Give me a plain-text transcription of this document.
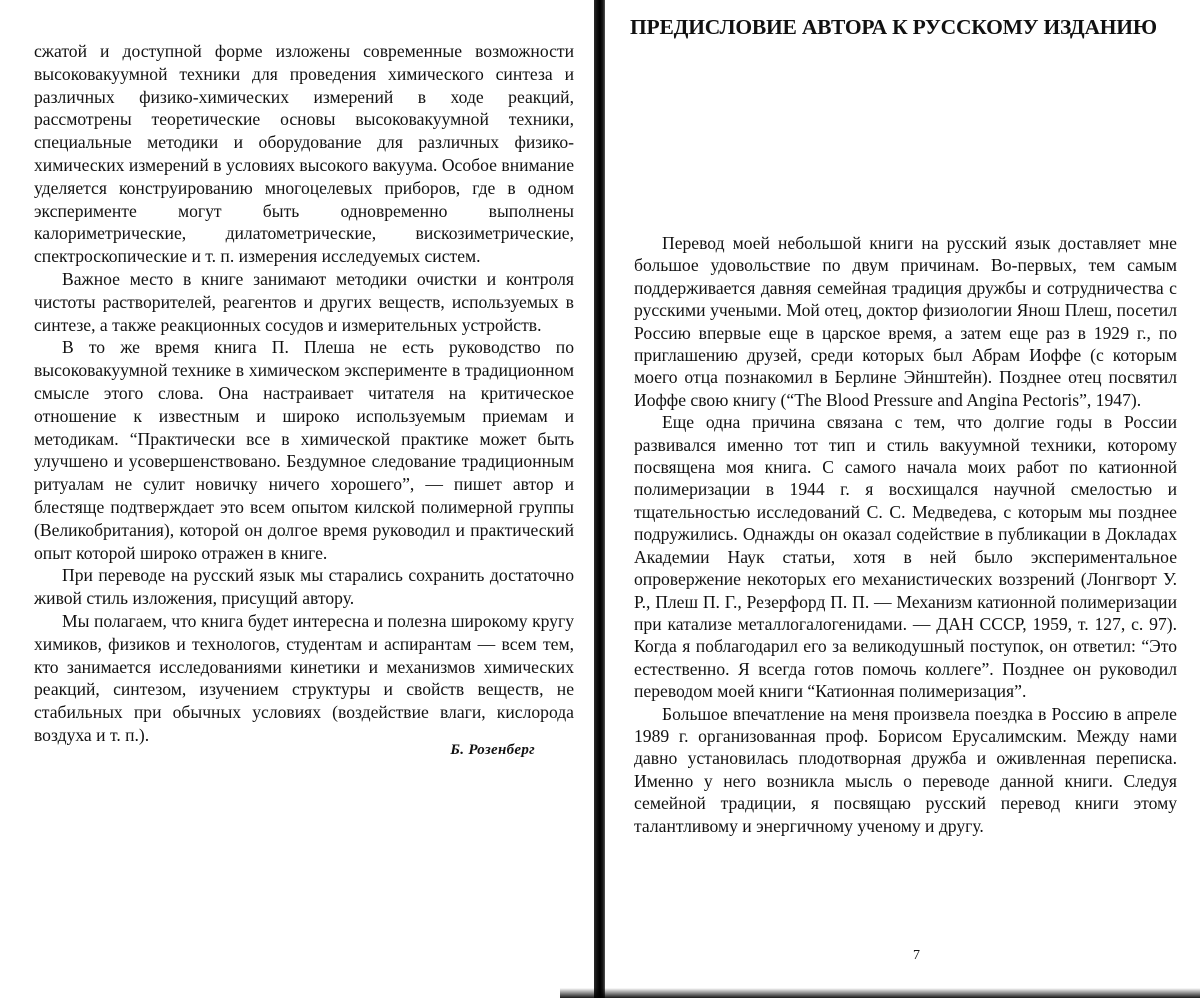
сжатой и доступной форме изложены современные возможности высоковакуумной техники для проведения химического синтеза и различных физико-химических измерений в ходе реакций, рассмотрены теоретические основы высоковакуумной техники, специальные методики и оборудование для различных физико-химических измерений в условиях высокого вакуума. Особое внимание уделяется конструированию многоцелевых приборов, где в одном эксперименте могут быть одновременно выполнены калориметрические, дилатометрические, вискозиметрические, спектроскопические и т. п. измерения исследуемых систем.

Важное место в книге занимают методики очистки и контроля чистоты растворителей, реагентов и других веществ, используемых в синтезе, а также реакционных сосудов и измерительных устройств.

В то же время книга П. Плеша не есть руководство по высоковакуумной технике в химическом эксперименте в традиционном смысле этого слова. Она настраивает читателя на критическое отношение к известным и широко используемым приемам и методикам. “Практически все в химической практике может быть улучшено и усовершенствовано. Бездумное следование традиционным ритуалам не сулит новичку ничего хорошего”, — пишет автор и блестяще подтверждает это всем опытом килской полимерной группы (Великобритания), которой он долгое время руководил и практический опыт которой широко отражен в книге.

При переводе на русский язык мы старались сохранить достаточно живой стиль изложения, присущий автору.

Мы полагаем, что книга будет интересна и полезна широкому кругу химиков, физиков и технологов, студентам и аспирантам — всем тем, кто занимается исследованиями кинетики и механизмов химических реакций, синтезом, изучением структуры и свойств веществ, не стабильных при обычных условиях (воздействие влаги, кислорода воздуха и т. п.).

Б. Розенберг
ПРЕДИСЛОВИЕ АВТОРА К РУССКОМУ ИЗДАНИЮ

Перевод моей небольшой книги на русский язык доставляет мне большое удовольствие по двум причинам. Во-первых, тем самым поддерживается давняя семейная традиция дружбы и сотрудничества с русскими учеными. Мой отец, доктор физиологии Янош Плеш, посетил Россию впервые еще в царское время, а затем еще раз в 1929 г., по приглашению друзей, среди которых был Абрам Иоффе (с которым моего отца познакомил в Берлине Эйнштейн). Позднее отец посвятил Иоффе свою книгу (“The Blood Pressure and Angina Pectoris”, 1947).

Еще одна причина связана с тем, что долгие годы в России развивался именно тот тип и стиль вакуумной техники, которому посвящена моя книга. С самого начала моих работ по катионной полимеризации в 1944 г. я восхищался научной смелостью и тщательностью исследований С. С. Медведева, с которым мы позднее подружились. Однажды он оказал содействие в публикации в Докладах Академии Наук статьи, хотя в ней было экспериментальное опровержение некоторых его механистических воззрений (Лонгворт У. Р., Плеш П. Г., Резерфорд П. П. — Механизм катионной полимеризации при катализе металлогалогенидами. — ДАН СССР, 1959, т. 127, с. 97). Когда я поблагодарил его за великодушный поступок, он ответил: “Это естественно. Я всегда готов помочь коллеге”. Позднее он руководил переводом моей книги “Катионная полимеризация”.

Большое впечатление на меня произвела поездка в Россию в апреле 1989 г. организованная проф. Борисом Ерусалимским. Между нами давно установилась плодотворная дружба и оживленная переписка. Именно у него возникла мысль о переводе данной книги. Следуя семейной традиции, я посвящаю русский перевод книги этому талантливому и энергичному ученому и другу.

7
